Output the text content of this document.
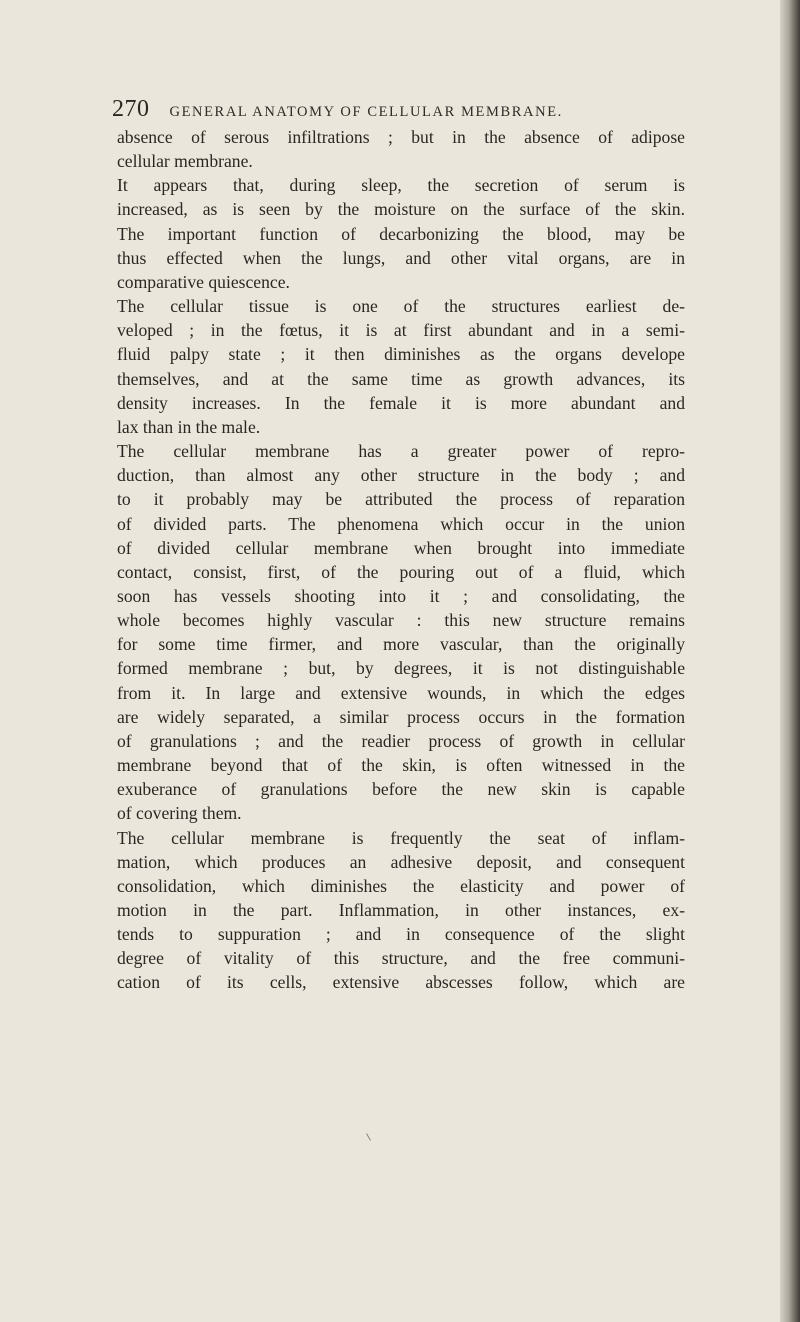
270 GENERAL ANATOMY OF CELLULAR MEMBRANE.
absence of serous infiltrations ; but in the absence of adipose
cellular membrane.
It appears that, during sleep, the secretion of serum is
increased, as is seen by the moisture on the surface of the skin.
The important function of decarbonizing the blood, may be
thus effected when the lungs, and other vital organs, are in
comparative quiescence.
The cellular tissue is one of the structures earliest de-
veloped ; in the fœtus, it is at first abundant and in a semi-
fluid palpy state ; it then diminishes as the organs develope
themselves, and at the same time as growth advances, its
density increases. In the female it is more abundant and
lax than in the male.
The cellular membrane has a greater power of repro-
duction, than almost any other structure in the body ; and
to it probably may be attributed the process of reparation
of divided parts. The phenomena which occur in the union
of divided cellular membrane when brought into immediate
contact, consist, first, of the pouring out of a fluid, which
soon has vessels shooting into it ; and consolidating, the
whole becomes highly vascular : this new structure remains
for some time firmer, and more vascular, than the originally
formed membrane ; but, by degrees, it is not distinguishable
from it. In large and extensive wounds, in which the edges
are widely separated, a similar process occurs in the formation
of granulations ; and the readier process of growth in cellular
membrane beyond that of the skin, is often witnessed in the
exuberance of granulations before the new skin is capable
of covering them.
The cellular membrane is frequently the seat of inflam-
mation, which produces an adhesive deposit, and consequent
consolidation, which diminishes the elasticity and power of
motion in the part. Inflammation, in other instances, ex-
tends to suppuration ; and in consequence of the slight
degree of vitality of this structure, and the free communi-
cation of its cells, extensive abscesses follow, which are
